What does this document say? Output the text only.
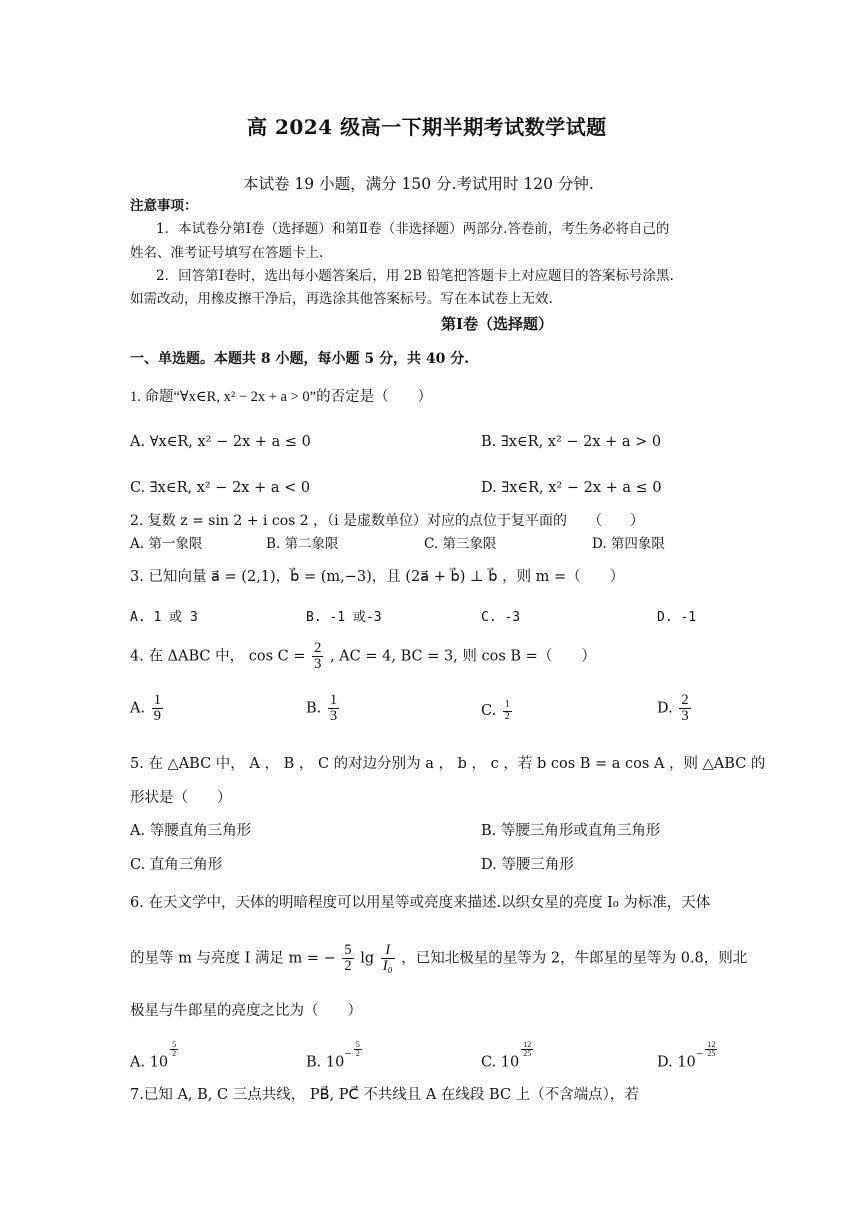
高 2024 级高一下期半期考试数学试题
本试卷 19 小题，满分 150 分.考试用时 120 分钟.
注意事项：
1．本试卷分第Ⅰ卷（选择题）和第Ⅱ卷（非选择题）两部分.答卷前，考生务必将自己的
姓名、准考证号填写在答题卡上.
2．回答第Ⅰ卷时，选出每小题答案后，用 2B 铅笔把答题卡上对应题目的答案标号涂黑.
如需改动，用橡皮擦干净后，再选涂其他答案标号。写在本试卷上无效.
第Ⅰ卷（选择题）
一、单选题。本题共 8 小题，每小题 5 分，共 40 分.
1. 命题“∀x∈R, x² − 2x + a > 0”的否定是（　　）
A. ∀x∈R, x² − 2x + a ≤ 0	B. ∃x∈R, x² − 2x + a > 0
C. ∃x∈R, x² − 2x + a < 0	D. ∃x∈R, x² − 2x + a ≤ 0
2. 复数 z = sin 2 + i cos 2 ，（i 是虚数单位）对应的点位于复平面的　　（　　）
A. 第一象限	B. 第二象限	C. 第三象限	D. 第四象限
3. 已知向量 a⃗ = (2,1)，b⃗ = (m,−3)，且 (2a⃗ + b⃗) ⊥ b⃗ ，则 m =（　　）
A. 1 或 3	B. -1 或-3	C. -3	D. -1
4. 在 ΔABC 中， $\cos C = \frac{2}{3}$ , AC = 4, BC = 3, 则 cos B =（　　）
A. $\frac{1}{9}$	B. $\frac{1}{3}$	C. $\frac{1}{2}$	D. $\frac{2}{3}$
5. 在 △ABC 中， A ， B ， C 的对边分别为 a ， b ， c ，若 b cos B = a cos A ，则 △ABC 的
形状是（　　）
A. 等腰直角三角形	B. 等腰三角形或直角三角形
C. 直角三角形	D. 等腰三角形
6. 在天文学中，天体的明暗程度可以用星等或亮度来描述.以织女星的亮度 I₀ 为标准，天体
的星等 m 与亮度 I 满足 m = − $\frac{5}{2}$ $\lg \frac{I}{\text{I₀}}$ ，已知北极星的星等为 2，牛郎星的星等为 0.8，则北
极星与牛郎星的亮度之比为（　　）
A. 10
$\frac{5}{2}$
B. $10^- \frac{5}{2}$
C. 10
$\frac{12}{25}$
D. $10^- \frac{12}{25}$
7.已知 A, B, C 三点共线， PB⃗, PC⃗ 不共线且 A 在线段 BC 上（不含端点），若
